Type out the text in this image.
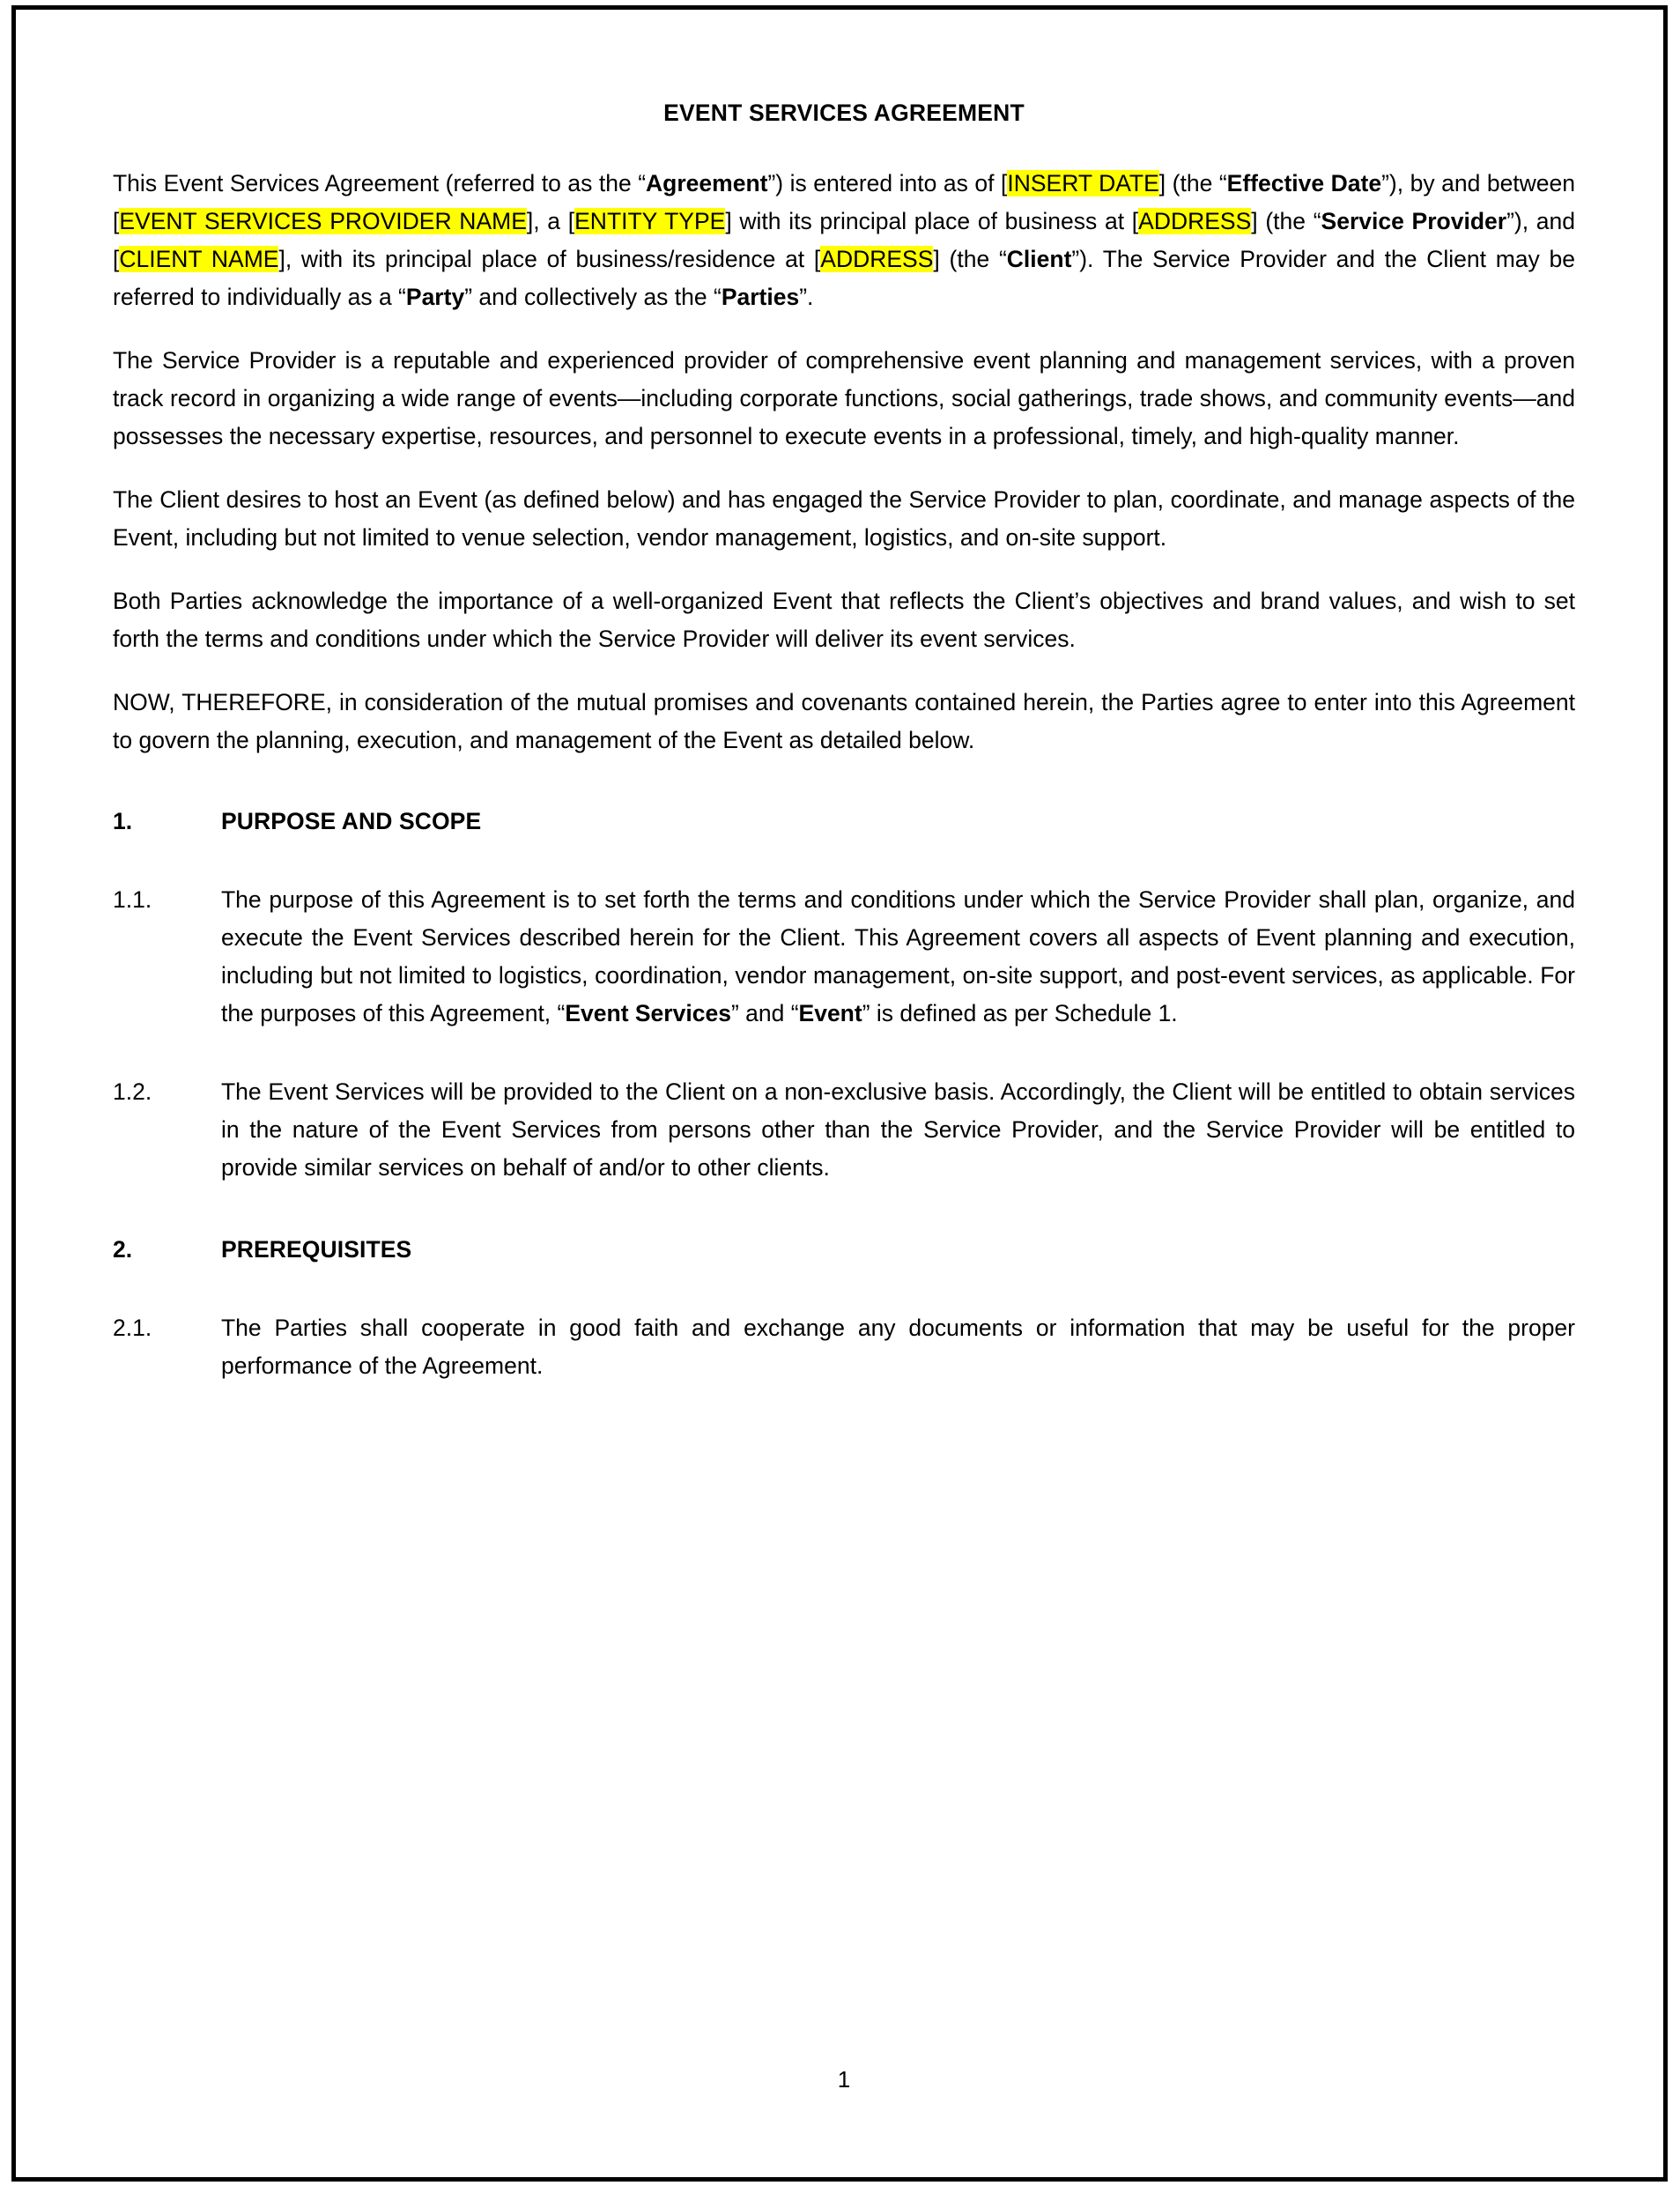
EVENT SERVICES AGREEMENT

This Event Services Agreement (referred to as the “Agreement”) is entered into as of [INSERT DATE] (the “Effective Date”), by and between [EVENT SERVICES PROVIDER NAME], a [ENTITY TYPE] with its principal place of business at [ADDRESS] (the “Service Provider”), and [CLIENT NAME], with its principal place of business/residence at [ADDRESS] (the “Client”). The Service Provider and the Client may be referred to individually as a “Party” and collectively as the “Parties”.

The Service Provider is a reputable and experienced provider of comprehensive event planning and management services, with a proven track record in organizing a wide range of events—including corporate functions, social gatherings, trade shows, and community events—and possesses the necessary expertise, resources, and personnel to execute events in a professional, timely, and high-quality manner.

The Client desires to host an Event (as defined below) and has engaged the Service Provider to plan, coordinate, and manage aspects of the Event, including but not limited to venue selection, vendor management, logistics, and on-site support.

Both Parties acknowledge the importance of a well-organized Event that reflects the Client’s objectives and brand values, and wish to set forth the terms and conditions under which the Service Provider will deliver its event services.

NOW, THEREFORE, in consideration of the mutual promises and covenants contained herein, the Parties agree to enter into this Agreement to govern the planning, execution, and management of the Event as detailed below.

1.	PURPOSE AND SCOPE
1.1.	The purpose of this Agreement is to set forth the terms and conditions under which the Service Provider shall plan, organize, and execute the Event Services described herein for the Client. This Agreement covers all aspects of Event planning and execution, including but not limited to logistics, coordination, vendor management, on-site support, and post-event services, as applicable. For the purposes of this Agreement, “Event Services” and “Event” is defined as per Schedule 1.
1.2.	The Event Services will be provided to the Client on a non-exclusive basis. Accordingly, the Client will be entitled to obtain services in the nature of the Event Services from persons other than the Service Provider, and the Service Provider will be entitled to provide similar services on behalf of and/or to other clients.
2.	PREREQUISITES
2.1.	The Parties shall cooperate in good faith and exchange any documents or information that may be useful for the proper performance of the Agreement.
1
